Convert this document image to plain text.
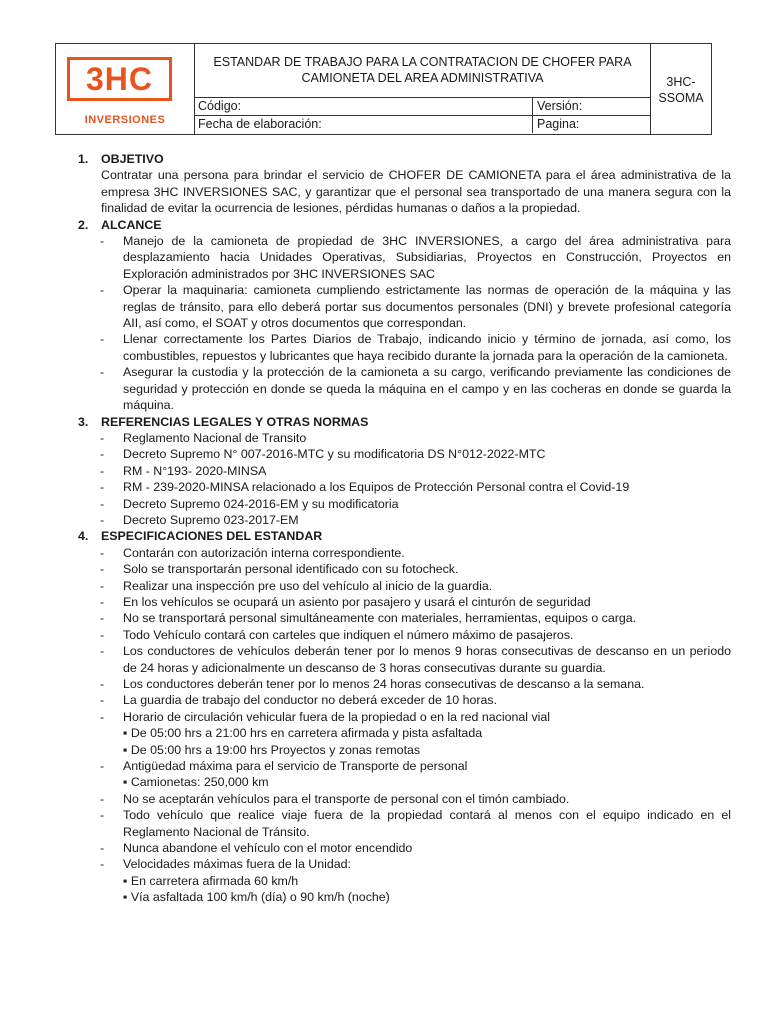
3HC
INVERSIONES
ESTANDAR DE TRABAJO PARA LA CONTRATACION DE CHOFER PARA CAMIONETA DEL AREA ADMINISTRATIVA
Código:	Versión:
Fecha de elaboración:	Pagina:
3HC-SSOMA
1. OBJETIVO
Contratar una persona para brindar el servicio de CHOFER DE CAMIONETA para el área administrativa de la empresa 3HC INVERSIONES SAC, y garantizar que el personal sea transportado de una manera segura con la finalidad de evitar la ocurrencia de lesiones, pérdidas humanas o daños a la propiedad.
2. ALCANCE
- Manejo de la camioneta de propiedad de 3HC INVERSIONES, a cargo del área administrativa para desplazamiento hacia Unidades Operativas, Subsidiarias, Proyectos en Construcción, Proyectos en Exploración administrados por 3HC INVERSIONES SAC
- Operar la maquinaria: camioneta cumpliendo estrictamente las normas de operación de la máquina y las reglas de tránsito, para ello deberá portar sus documentos personales (DNI) y brevete profesional categoría AII, así como, el SOAT y otros documentos que correspondan.
- Llenar correctamente los Partes Diarios de Trabajo, indicando inicio y término de jornada, así como, los combustibles, repuestos y lubricantes que haya recibido durante la jornada para la operación de la camioneta.
- Asegurar la custodia y la protección de la camioneta a su cargo, verificando previamente las condiciones de seguridad y protección en donde se queda la máquina en el campo y en las cocheras en donde se guarda la máquina.
3. REFERENCIAS LEGALES Y OTRAS NORMAS
- Reglamento Nacional de Transito
- Decreto Supremo N° 007-2016-MTC y su modificatoria DS N°012-2022-MTC
- RM - N°193- 2020-MINSA
- RM - 239-2020-MINSA relacionado a los Equipos de Protección Personal contra el Covid-19
- Decreto Supremo 024-2016-EM y su modificatoria
- Decreto Supremo 023-2017-EM
4. ESPECIFICACIONES DEL ESTANDAR
- Contarán con autorización interna correspondiente.
- Solo se transportarán personal identificado con su fotocheck.
- Realizar una inspección pre uso del vehículo al inicio de la guardia.
- En los vehículos se ocupará un asiento por pasajero y usará el cinturón de seguridad
- No se transportará personal simultáneamente con materiales, herramientas, equipos o carga.
- Todo Vehículo contará con carteles que indiquen el número máximo de pasajeros.
- Los conductores de vehículos deberán tener por lo menos 9 horas consecutivas de descanso en un periodo de 24 horas y adicionalmente un descanso de 3 horas consecutivas durante su guardia.
- Los conductores deberán tener por lo menos 24 horas consecutivas de descanso a la semana.
- La guardia de trabajo del conductor no deberá exceder de 10 horas.
- Horario de circulación vehicular fuera de la propiedad o en la red nacional vial
▪ De 05:00 hrs a 21:00 hrs en carretera afirmada y pista asfaltada
▪ De 05:00 hrs a 19:00 hrs Proyectos y zonas remotas
- Antigüedad máxima para el servicio de Transporte de personal
▪ Camionetas: 250,000 km
- No se aceptarán vehículos para el transporte de personal con el timón cambiado.
- Todo vehículo que realice viaje fuera de la propiedad contará al menos con el equipo indicado en el Reglamento Nacional de Tránsito.
- Nunca abandone el vehículo con el motor encendido
- Velocidades máximas fuera de la Unidad:
▪ En carretera afirmada 60 km/h
▪ Vía asfaltada 100 km/h (día) o 90 km/h (noche)
